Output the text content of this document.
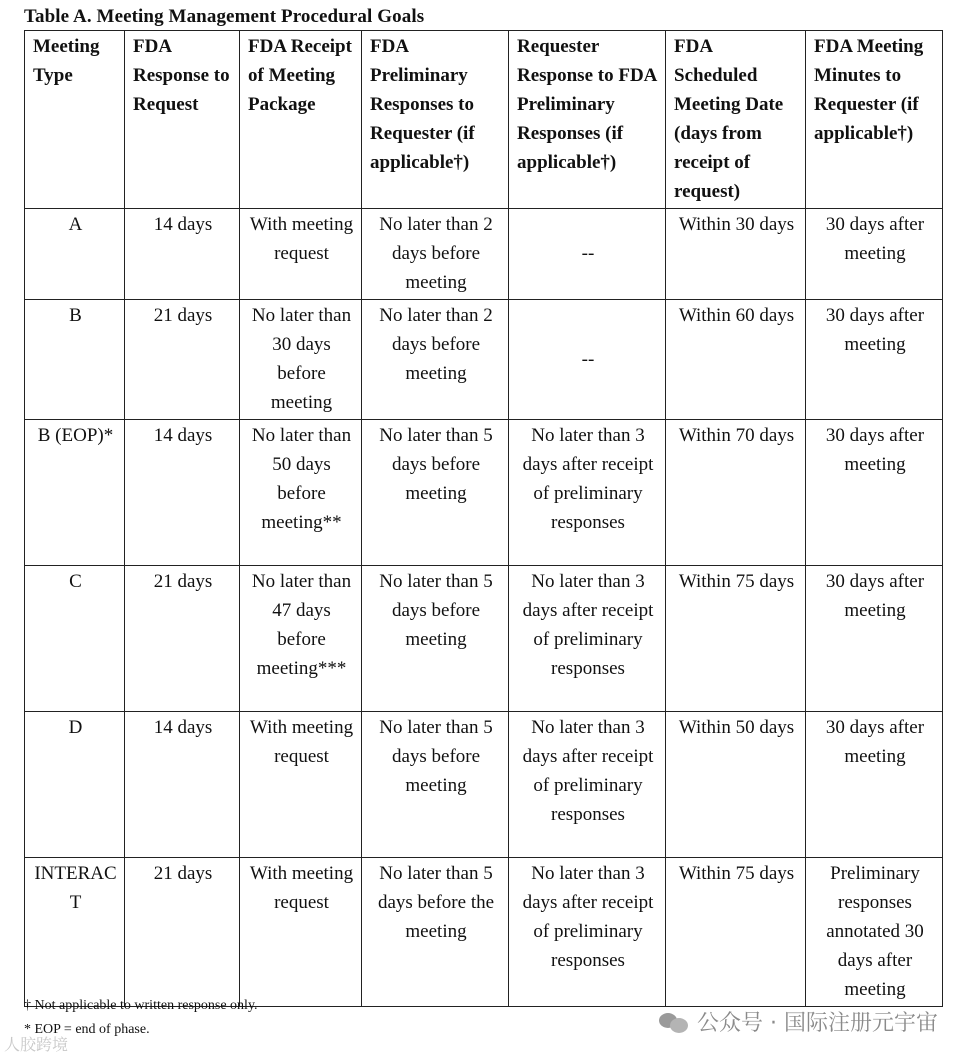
Table A. Meeting Management Procedural Goals
Meeting Type	FDA Response to Request	FDA Receipt of Meeting Package	FDA Preliminary Responses to Requester (if applicable†)	Requester Response to FDA Preliminary Responses (if applicable†)	FDA Scheduled Meeting Date (days from receipt of request)	FDA Meeting Minutes to Requester (if applicable†)
A	14 days	With meeting request	No later than 2 days before meeting	--	Within 30 days	30 days after meeting
B	21 days	No later than 30 days before meeting	No later than 2 days before meeting	--	Within 60 days	30 days after meeting
B (EOP)*	14 days	No later than 50 days before meeting**	No later than 5 days before meeting	No later than 3 days after receipt of preliminary responses	Within 70 days	30 days after meeting
C	21 days	No later than 47 days before meeting***	No later than 5 days before meeting	No later than 3 days after receipt of preliminary responses	Within 75 days	30 days after meeting
D	14 days	With meeting request	No later than 5 days before meeting	No later than 3 days after receipt of preliminary responses	Within 50 days	30 days after meeting
INTERACT	21 days	With meeting request	No later than 5 days before the meeting	No later than 3 days after receipt of preliminary responses	Within 75 days	Preliminary responses annotated 30 days after meeting
† Not applicable to written response only.
* EOP = end of phase.	公众号 · 国际注册元宇宙
人胶跨境
